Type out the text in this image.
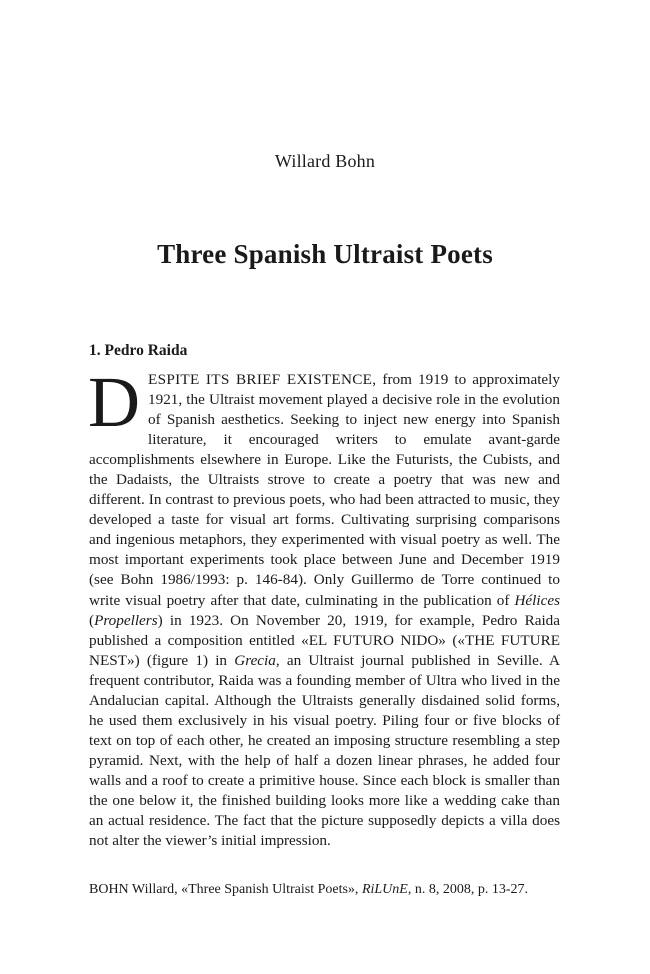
Willard Bohn
Three Spanish Ultraist Poets
1. Pedro Raida
DESPITE ITS BRIEF EXISTENCE, from 1919 to approximately 1921, the Ultraist movement played a decisive role in the evolution of Spanish aesthetics. Seeking to inject new energy into Spanish literature, it encouraged writers to emulate avant-garde accomplishments elsewhere in Europe. Like the Futurists, the Cubists, and the Dadaists, the Ultraists strove to create a poetry that was new and different. In contrast to previous poets, who had been attracted to music, they developed a taste for visual art forms. Cultivating surprising comparisons and ingenious metaphors, they experimented with visual poetry as well. The most important experiments took place between June and December 1919 (see Bohn 1986/1993: p. 146-84). Only Guillermo de Torre continued to write visual poetry after that date, culminating in the publication of Hélices (Propellers) in 1923. On November 20, 1919, for example, Pedro Raida published a composition entitled «EL FUTURO NIDO» («THE FUTURE NEST») (figure 1) in Grecia, an Ultraist journal published in Seville. A frequent contributor, Raida was a founding member of Ultra who lived in the Andalucian capital. Although the Ultraists generally disdained solid forms, he used them exclusively in his visual poetry. Piling four or five blocks of text on top of each other, he created an imposing structure resembling a step pyramid. Next, with the help of half a dozen linear phrases, he added four walls and a roof to create a primitive house. Since each block is smaller than the one below it, the finished building looks more like a wedding cake than an actual residence. The fact that the picture supposedly depicts a villa does not alter the viewer’s initial impression.
BOHN Willard, «Three Spanish Ultraist Poets», RiLUnE, n. 8, 2008, p. 13-27.
